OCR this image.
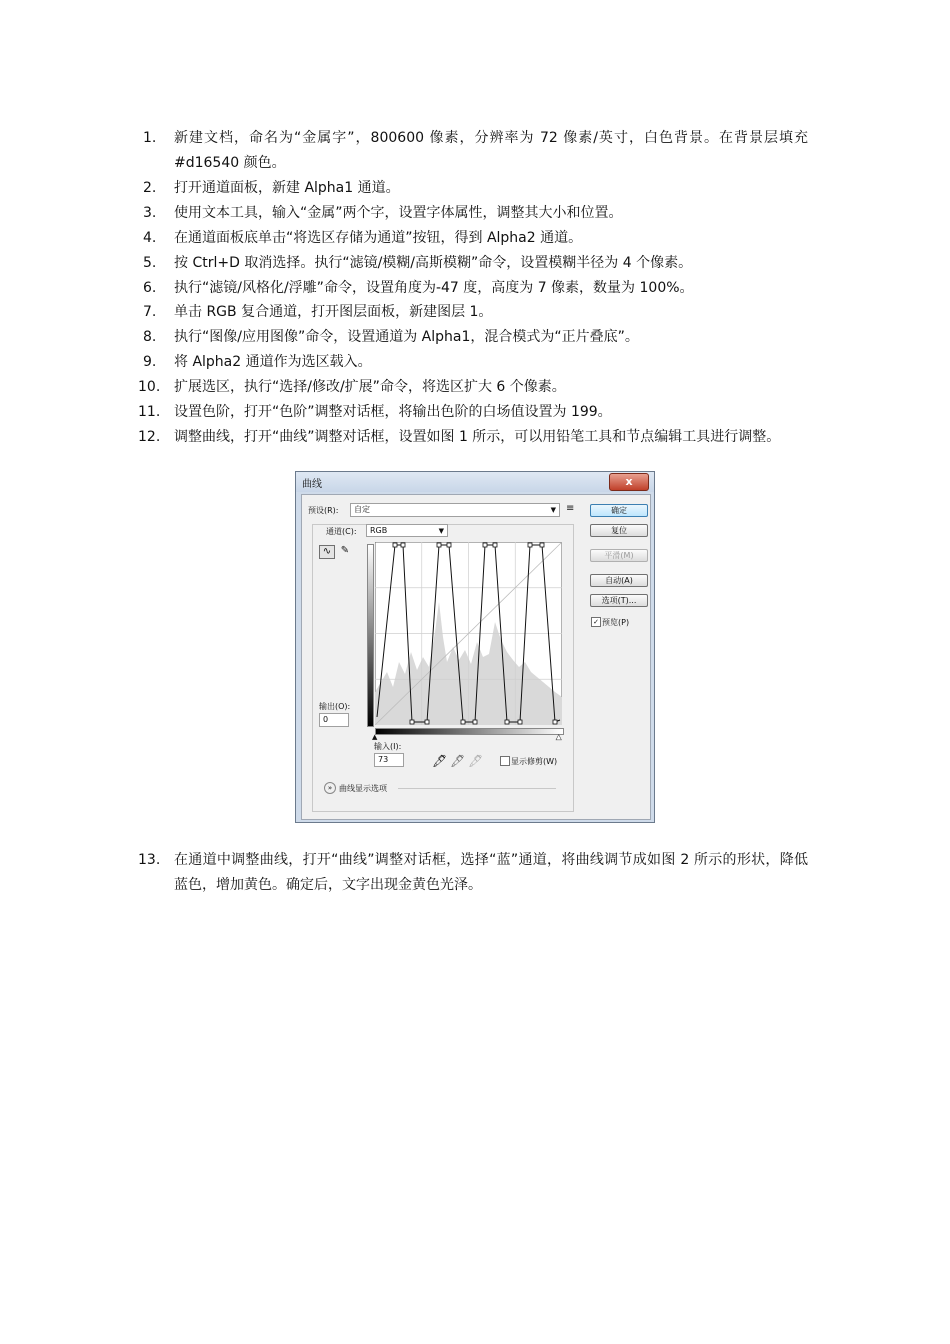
1. 新建文档，命名为“金属字”，800600 像素，分辨率为 72 像素/英寸，白色背景。在背景层填充#d16540 颜色。
2. 打开通道面板，新建 Alpha1 通道。
3. 使用文本工具，输入“金属”两个字，设置字体属性，调整其大小和位置。
4. 在通道面板底单击“将选区存储为通道”按钮，得到 Alpha2 通道。
5. 按 Ctrl+D 取消选择。执行“滤镜/模糊/高斯模糊”命令，设置模糊半径为 4 个像素。
6. 执行“滤镜/风格化/浮雕”命令，设置角度为-47 度，高度为 7 像素，数量为 100%。
7. 单击 RGB 复合通道，打开图层面板，新建图层 1。
8. 执行“图像/应用图像”命令，设置通道为 Alpha1，混合模式为“正片叠底”。
9. 将 Alpha2 通道作为选区载入。
10. 扩展选区，执行“选择/修改/扩展”命令，将选区扩大 6 个像素。
11. 设置色阶，打开“色阶”调整对话框，将输出色阶的白场值设置为 199。
12. 调整曲线，打开“曲线”调整对话框，设置如图 1 所示，可以用铅笔工具和节点编辑工具进行调整。
13. 在通道中调整曲线，打开“曲线”调整对话框，选择“蓝”通道，将曲线调节成如图 2 所示的形状，降低蓝色，增加黄色。确定后，文字出现金黄色光泽。
曲线	x
预设(R):	自定	▼ ≡	确定
复位
平滑(M)
自动(A)
选项(T)...
✓ 预览(P)
通道(C):	RGB	▼
∿ ✎
输出(O):
0
▲	▲
输入(I):
73	🖋 🖋 🖋	显示修剪(W)
» 曲线显示选项
